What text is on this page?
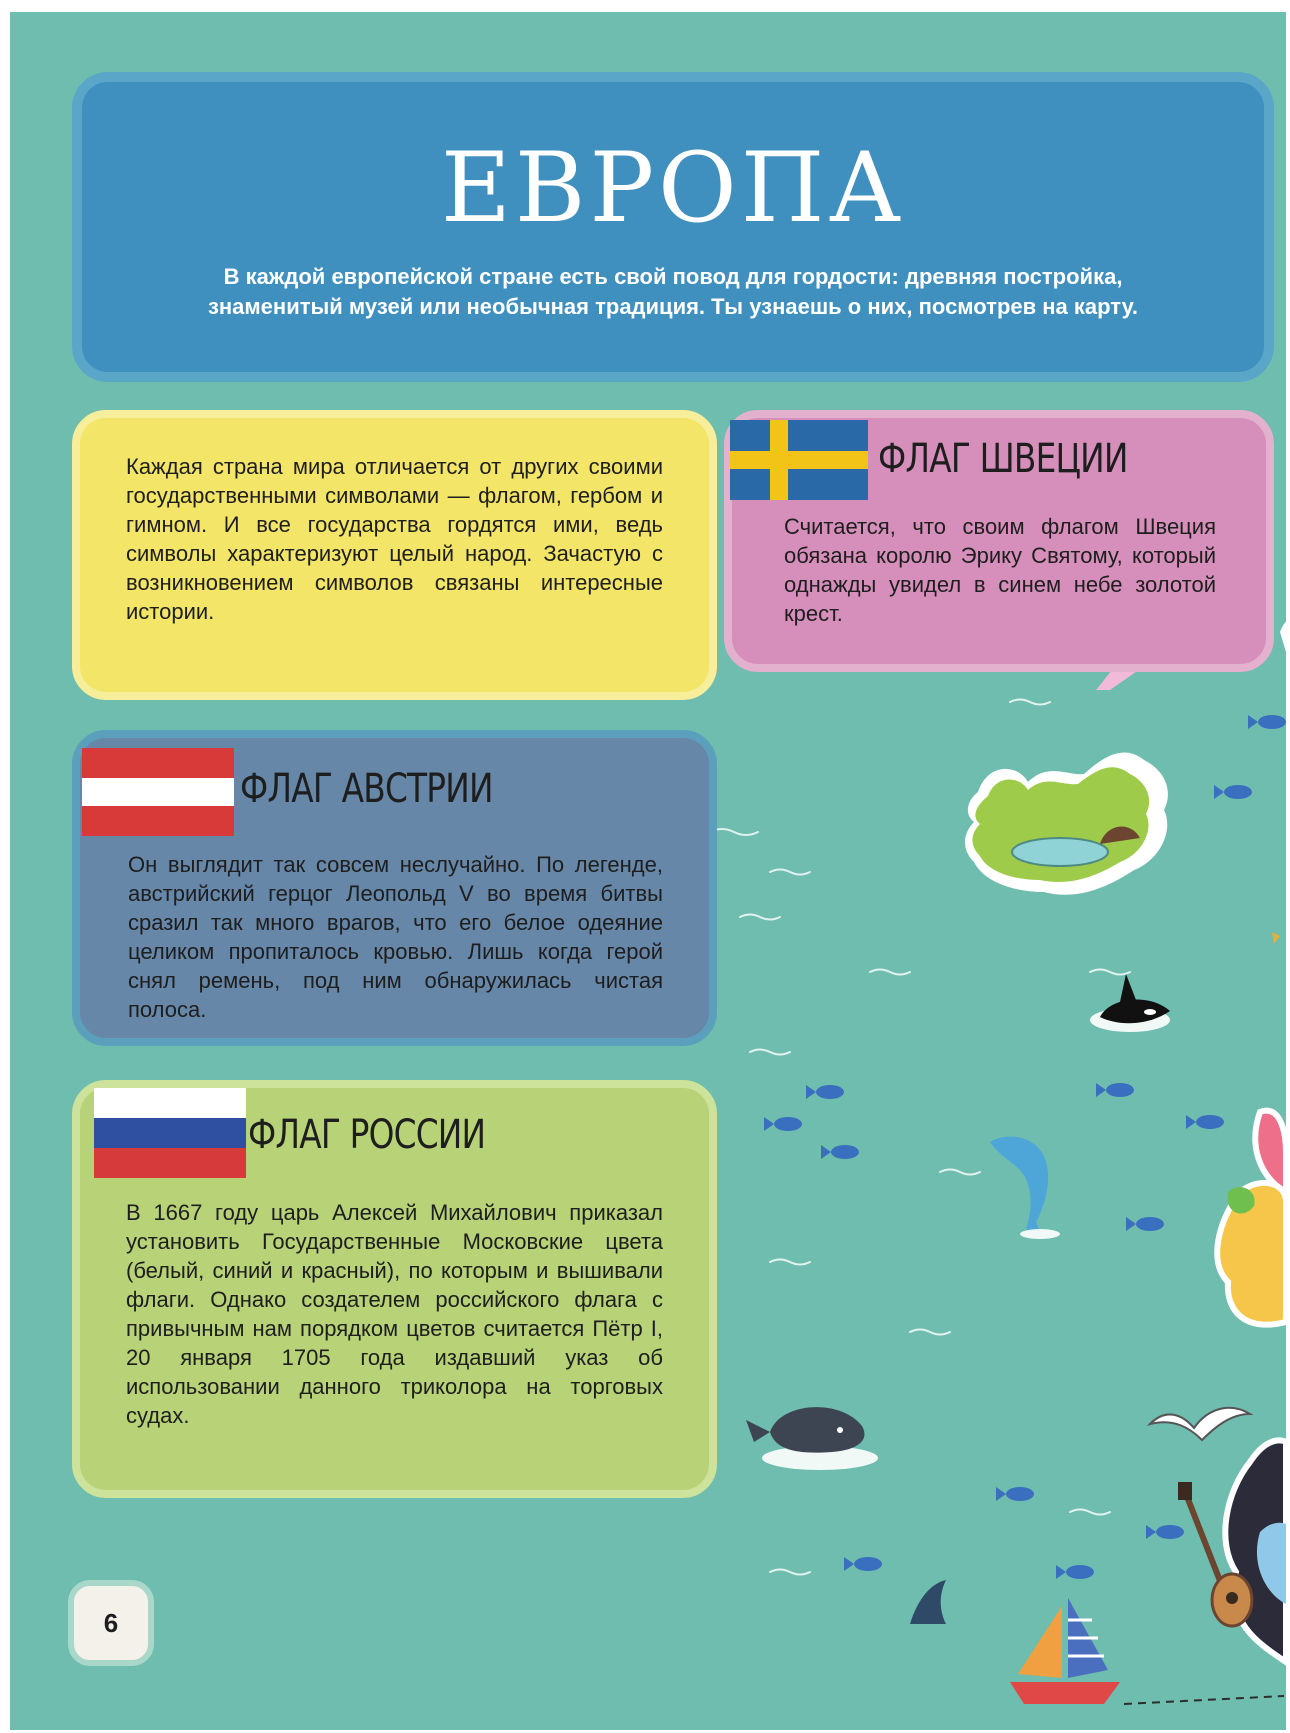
ЕВРОПА
В каждой европейской стране есть свой повод для гордости: древняя постройка, знаменитый музей или необычная традиция. Ты узнаешь о них, посмотрев на карту.
Каждая страна мира отличается от других своими государственными символами — флагом, гербом и гимном. И все государства гордятся ими, ведь символы характеризуют целый народ. Зачастую с возникновением символов связаны интересные истории.
ФЛАГ ШВЕЦИИ
Считается, что своим флагом Швеция обязана королю Эрику Святому, который однажды увидел в синем небе золотой крест.
ФЛАГ АВСТРИИ
Он выглядит так совсем неслучайно. По легенде, австрийский герцог Леопольд V во время битвы сразил так много врагов, что его белое одеяние целиком пропиталось кровью. Лишь когда герой снял ремень, под ним обнаружилась чистая полоса.
ФЛАГ РОССИИ
В 1667 году царь Алексей Михайлович приказал установить Государственные Московские цвета (белый, синий и красный), по которым и вышивали флаги. Однако создателем российского флага с привычным нам порядком цветов считается Пётр I, 20 января 1705 года издавший указ об использовании данного триколора на торговых судах.
6
